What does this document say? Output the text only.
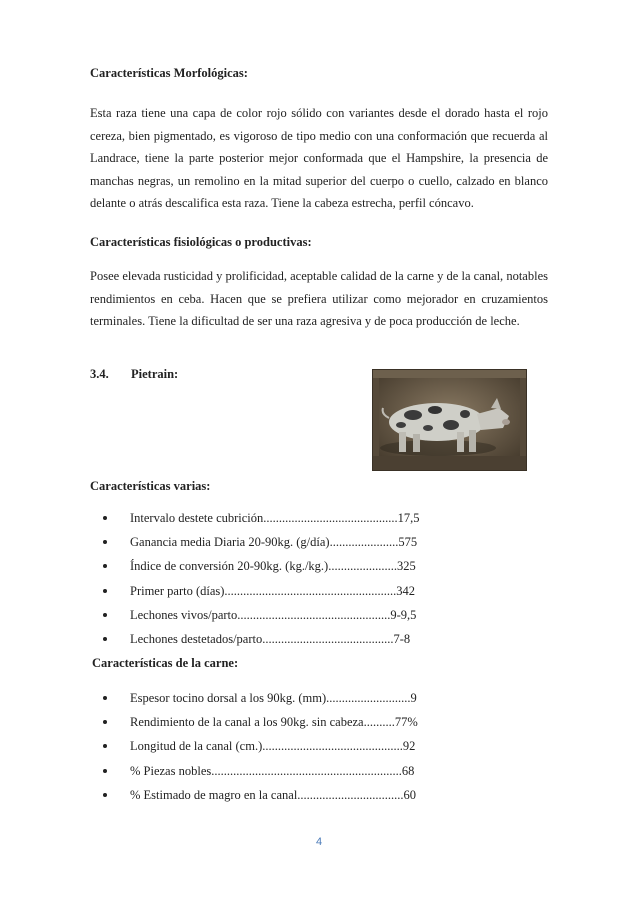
Características Morfológicas:

Esta raza tiene una capa de color rojo sólido con variantes desde el dorado hasta el rojo cereza, bien pigmentado, es vigoroso de tipo medio con una conformación que recuerda al Landrace, tiene la parte posterior mejor conformada que el Hampshire, la presencia de manchas negras, un remolino en la mitad superior del cuerpo o cuello, calzado en blanco delante o atrás descalifica esta raza. Tiene la cabeza estrecha, perfil cóncavo.

Características fisiológicas o productivas:

Posee elevada rusticidad y prolificidad, aceptable calidad de la carne y de la canal, notables rendimientos en ceba. Hacen que se prefiera utilizar como mejorador en cruzamientos terminales. Tiene la dificultad de ser una raza agresiva y de poca producción de leche.

3.4. Pietrain:
Características varias:
Intervalo destete cubrición...........................................17,5
Ganancia media Diaria 20-90kg. (g/día)......................575
Índice de conversión 20-90kg. (kg./kg.)......................325
Primer parto (días).......................................................342
Lechones vivos/parto.................................................9-9,5
Lechones destetados/parto..........................................7-8
Características de la carne:
Espesor tocino dorsal a los 90kg. (mm)...........................9
Rendimiento de la canal a los 90kg. sin cabeza..........77%
Longitud de la canal (cm.).............................................92
% Piezas nobles.............................................................68
% Estimado de magro en la canal..................................60
4
